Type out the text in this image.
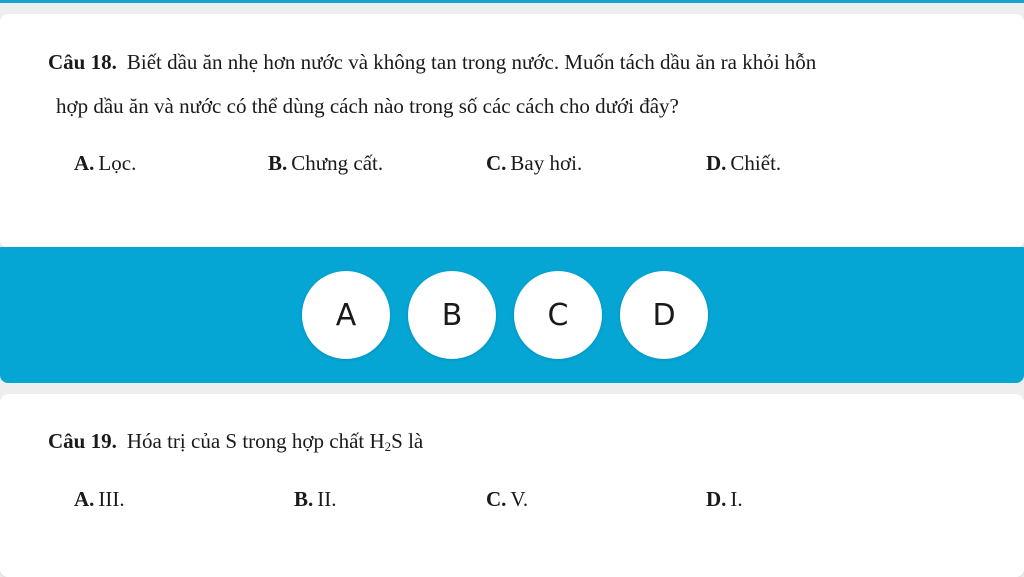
Câu 18. Biết dầu ăn nhẹ hơn nước và không tan trong nước. Muốn tách dầu ăn ra khỏi hỗn
hợp dầu ăn và nước có thể dùng cách nào trong số các cách cho dưới đây?
A. Lọc.	B. Chưng cất.	C. Bay hơi.	D. Chiết.
A	B	C	D
Câu 19. Hóa trị của S trong hợp chất $H_2S$ là
A. III.	B. II.	C. V.	D. I.
